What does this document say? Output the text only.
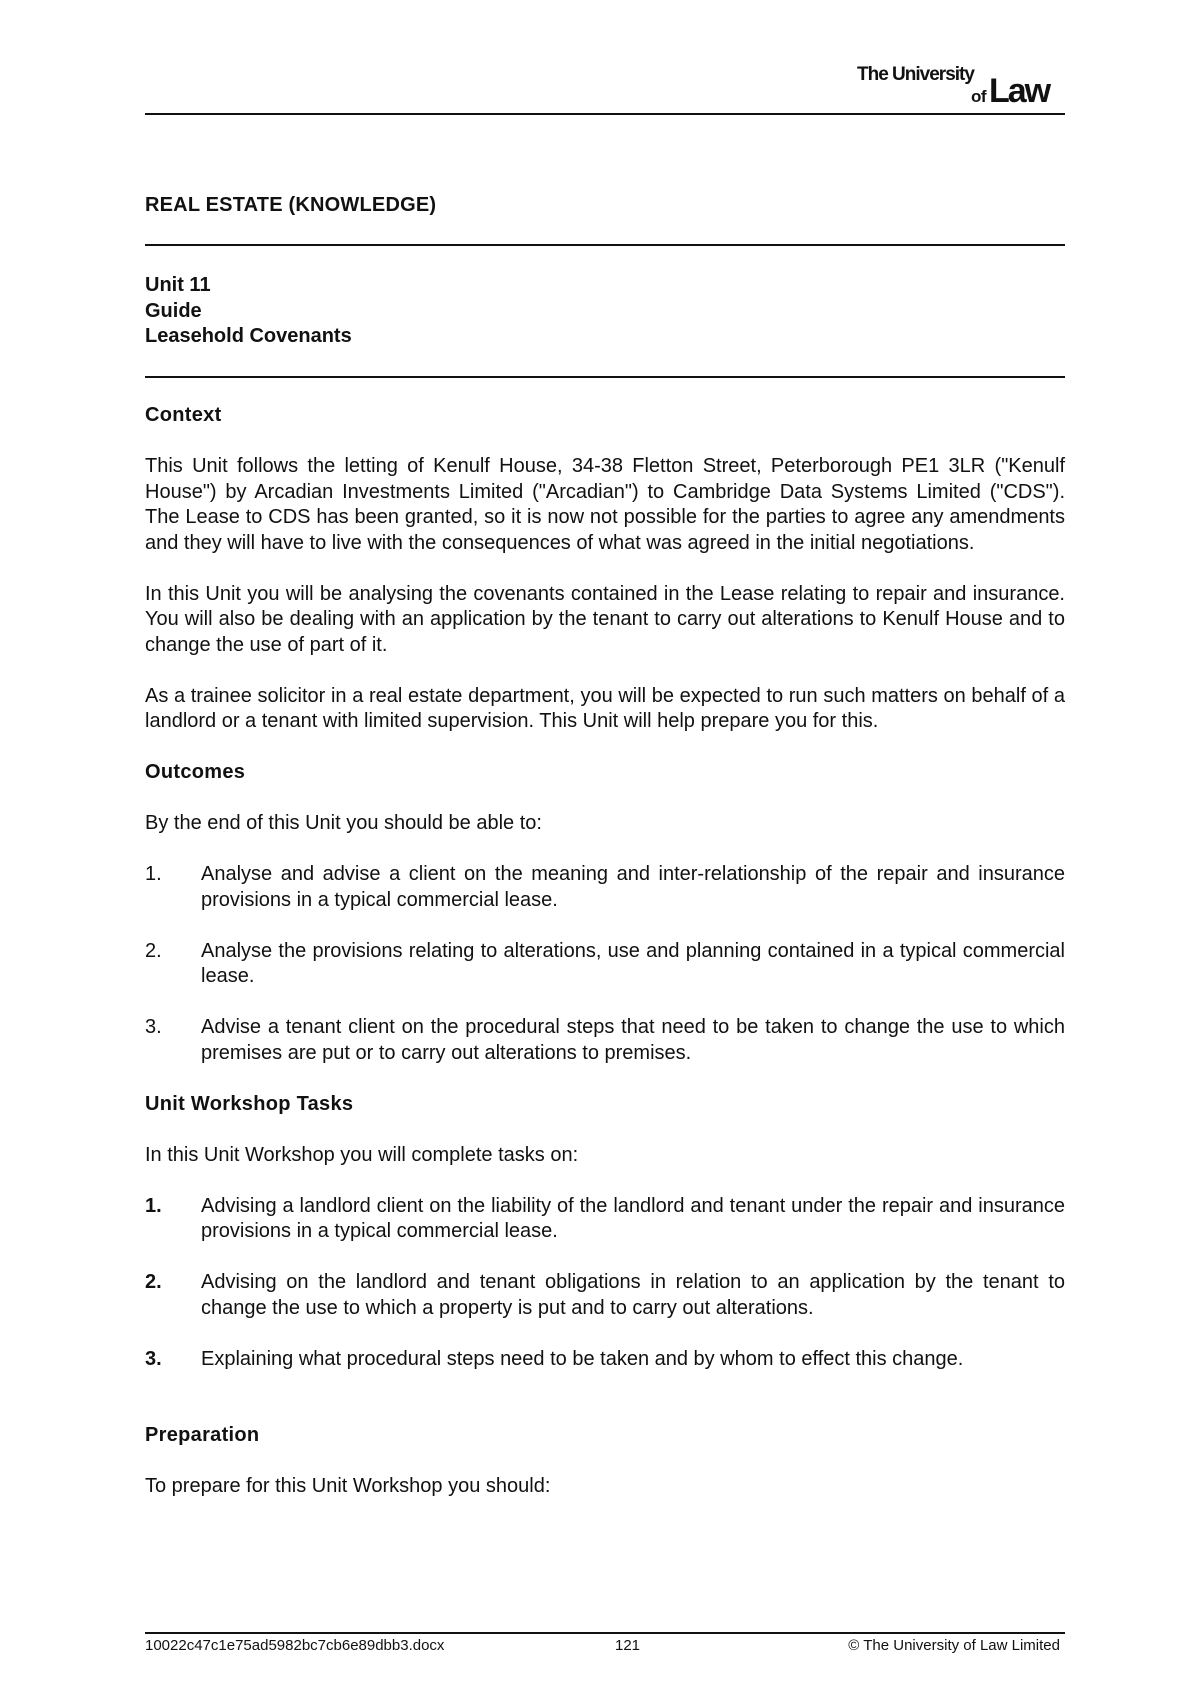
The University
of Law
REAL ESTATE (KNOWLEDGE)
Unit 11
Guide
Leasehold Covenants
Context

This Unit follows the letting of Kenulf House, 34-38 Fletton Street, Peterborough PE1 3LR ("Kenulf House") by Arcadian Investments Limited ("Arcadian") to Cambridge Data Systems Limited ("CDS"). The Lease to CDS has been granted, so it is now not possible for the parties to agree any amendments and they will have to live with the consequences of what was agreed in the initial negotiations.

In this Unit you will be analysing the covenants contained in the Lease relating to repair and insurance. You will also be dealing with an application by the tenant to carry out alterations to Kenulf House and to change the use of part of it.

As a trainee solicitor in a real estate department, you will be expected to run such matters on behalf of a landlord or a tenant with limited supervision. This Unit will help prepare you for this.

Outcomes

By the end of this Unit you should be able to:

1.	Analyse and advise a client on the meaning and inter-relationship of the repair and insurance provisions in a typical commercial lease.
2.	Analyse the provisions relating to alterations, use and planning contained in a typical commercial lease.
3.	Advise a tenant client on the procedural steps that need to be taken to change the use to which premises are put or to carry out alterations to premises.
Unit Workshop Tasks

In this Unit Workshop you will complete tasks on:

1.	Advising a landlord client on the liability of the landlord and tenant under the repair and insurance provisions in a typical commercial lease.
2.	Advising on the landlord and tenant obligations in relation to an application by the tenant to change the use to which a property is put and to carry out alterations.
3.	Explaining what procedural steps need to be taken and by whom to effect this change.
Preparation

To prepare for this Unit Workshop you should:

10022c47c1e75ad5982bc7cb6e89dbb3.docx	121	© The University of Law Limited
